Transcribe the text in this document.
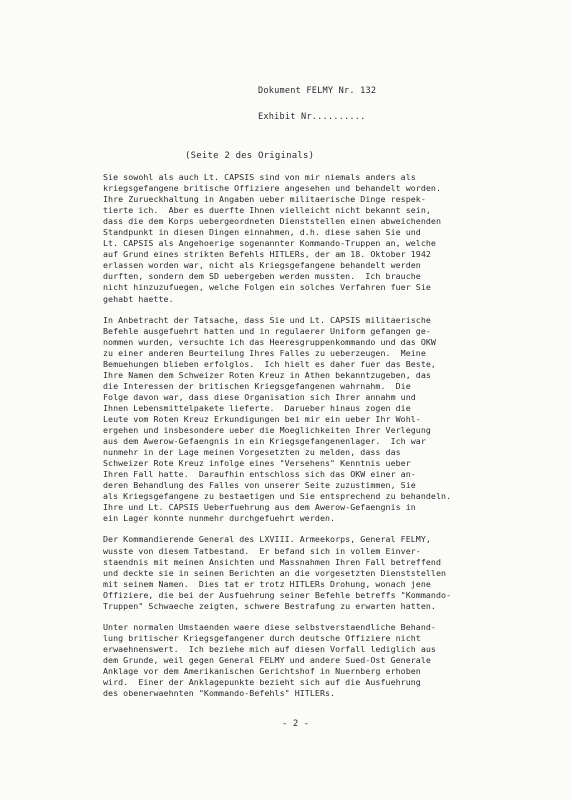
Dokument FELMY Nr. 132
Exhibit Nr..........
(Seite 2 des Originals)
Sie sowohl als auch Lt. CAPSIS sind von mir niemals anders als
kriegsgefangene britische Offiziere angesehen und behandelt worden.
Ihre Zurueckhaltung in Angaben ueber militaerische Dinge respek-
tierte ich.  Aber es duerfte Ihnen vielleicht nicht bekannt sein,
dass die dem Korps uebergeordneten Dienststellen einen abweichenden
Standpunkt in diesen Dingen einnahmen, d.h. diese sahen Sie und
Lt. CAPSIS als Angehoerige sogenannter Kommando-Truppen an, welche
auf Grund eines strikten Befehls HITLERs, der am 18. Oktober 1942
erlassen worden war, nicht als Kriegsgefangene behandelt werden
durften, sondern dem SD uebergeben werden mussten.  Ich brauche
nicht hinzuzufuegen, welche Folgen ein solches Verfahren fuer Sie
gehabt haette.
In Anbetracht der Tatsache, dass Sie und Lt. CAPSIS militaerische
Befehle ausgefuehrt hatten und in regulaerer Uniform gefangen ge-
nommen wurden, versuchte ich das Heeresgruppenkommando und das OKW
zu einer anderen Beurteilung Ihres Falles zu ueberzeugen.  Meine
Bemuehungen blieben erfolglos.  Ich hielt es daher fuer das Beste,
Ihre Namen dem Schweizer Roten Kreuz in Athen bekanntzugeben, das
die Interessen der britischen Kriegsgefangenen wahrnahm.  Die
Folge davon war, dass diese Organisation sich Ihrer annahm und
Ihnen Lebensmittelpakete lieferte.  Darueber hinaus zogen die
Leute vom Roten Kreuz Erkundigungen bei mir ein ueber Ihr Wohl-
ergehen und insbesondere ueber die Moeglichkeiten Ihrer Verlegung
aus dem Awerow-Gefaengnis in ein Kriegsgefangenenlager.  Ich war
nunmehr in der Lage meinen Vorgesetzten zu melden, dass das
Schweizer Rote Kreuz infolge eines "Versehens" Kenntnis ueber
Ihren Fall hatte.  Daraufhin entschloss sich das OKW einer an-
deren Behandlung des Falles von unserer Seite zuzustimmen, Sie
als Kriegsgefangene zu bestaetigen und Sie entsprechend zu behandeln.
Ihre und Lt. CAPSIS Ueberfuehrung aus dem Awerow-Gefaengnis in
ein Lager konnte nunmehr durchgefuehrt werden.
Der Kommandierende General des LXVIII. Armeekorps, General FELMY,
wusste von diesem Tatbestand.  Er befand sich in vollem Einver-
staendnis mit meinen Ansichten und Massnahmen Ihren Fall betreffend
und deckte sie in seinen Berichten an die vorgesetzten Dienststellen
mit seinem Namen.  Dies tat er trotz HITLERs Drohung, wonach jene
Offiziere, die bei der Ausfuehrung seiner Befehle betreffs "Kommando-
Truppen" Schwaeche zeigten, schwere Bestrafung zu erwarten hatten.
Unter normalen Umstaenden waere diese selbstverstaendliche Behand-
lung britischer Kriegsgefangener durch deutsche Offiziere nicht
erwaehnenswert.  Ich beziehe mich auf diesen Vorfall lediglich aus
dem Grunde, weil gegen General FELMY und andere Sued-Ost Generale
Anklage vor dem Amerikanischen Gerichtshof in Nuernberg erhoben
wird.  Einer der Anklagepunkte bezieht sich auf die Ausfuehrung
des obenerwaehnten "Kommando-Befehls" HITLERs.
- 2 -
